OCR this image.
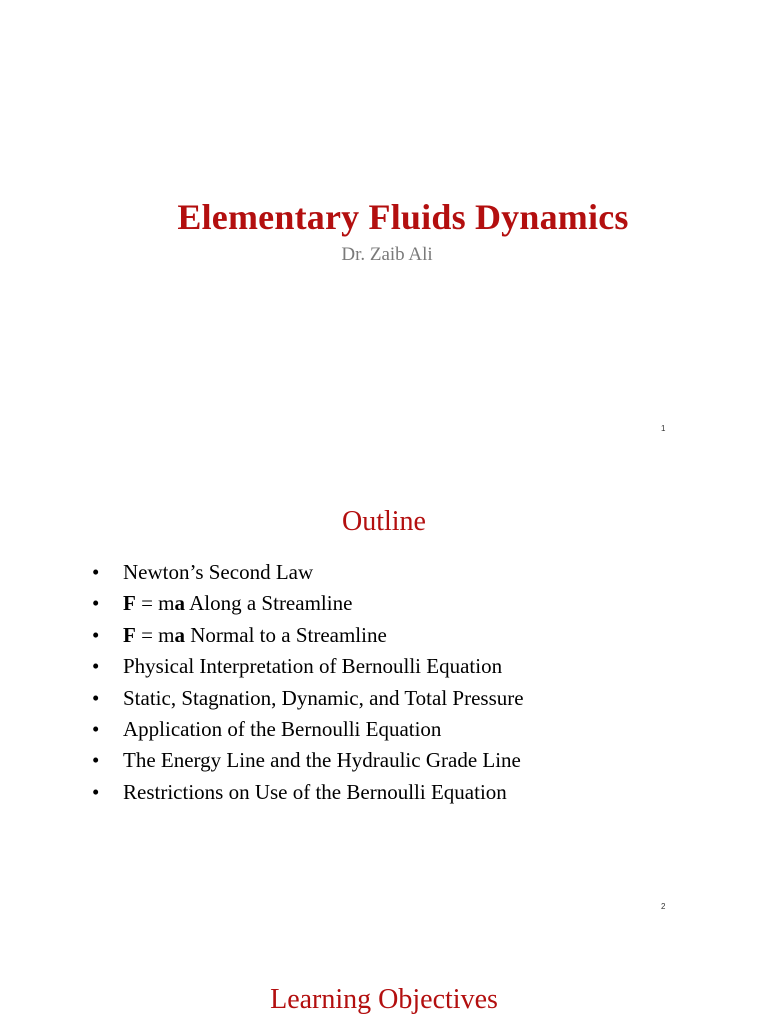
Elementary Fluids Dynamics

Dr. Zaib Ali

1
Outline
• Newton’s Second Law
• F = ma Along a Streamline
• F = ma Normal to a Streamline
• Physical Interpretation of Bernoulli Equation
• Static, Stagnation, Dynamic, and Total Pressure
• Application of the Bernoulli Equation
• The Energy Line and the Hydraulic Grade Line
• Restrictions on Use of the Bernoulli Equation
2
Learning Objectives
